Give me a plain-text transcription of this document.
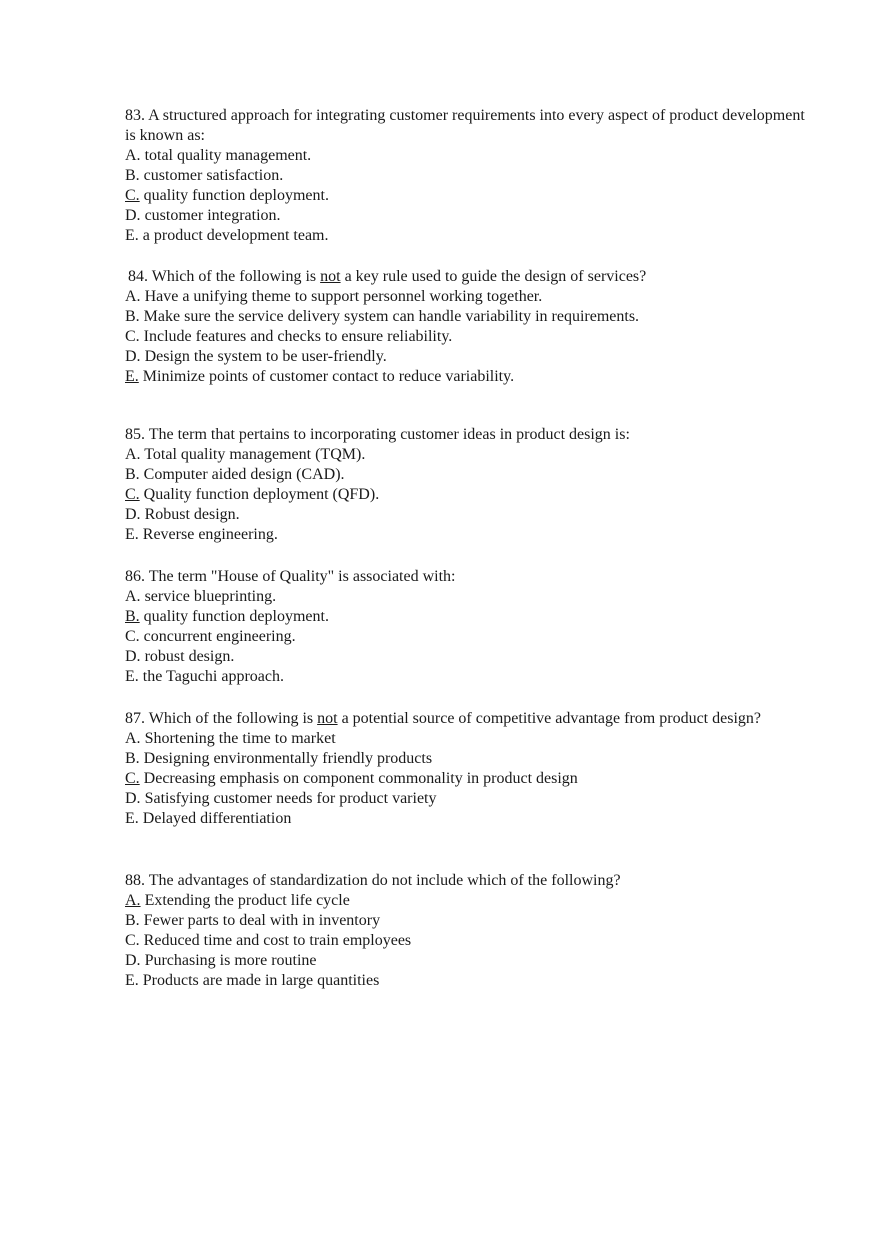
83. A structured approach for integrating customer requirements into every aspect of product development is known as:
A. total quality management.
B. customer satisfaction.
C. quality function deployment.
D. customer integration.
E. a product development team.
84. Which of the following is not a key rule used to guide the design of services?
A. Have a unifying theme to support personnel working together.
B. Make sure the service delivery system can handle variability in requirements.
C. Include features and checks to ensure reliability.
D. Design the system to be user-friendly.
E. Minimize points of customer contact to reduce variability.
85. The term that pertains to incorporating customer ideas in product design is:
A. Total quality management (TQM).
B. Computer aided design (CAD).
C. Quality function deployment (QFD).
D. Robust design.
E. Reverse engineering.
86. The term "House of Quality" is associated with:
A. service blueprinting.
B. quality function deployment.
C. concurrent engineering.
D. robust design.
E. the Taguchi approach.
87. Which of the following is not a potential source of competitive advantage from product design?
A. Shortening the time to market
B. Designing environmentally friendly products
C. Decreasing emphasis on component commonality in product design
D. Satisfying customer needs for product variety
E. Delayed differentiation
88. The advantages of standardization do not include which of the following?
A. Extending the product life cycle
B. Fewer parts to deal with in inventory
C. Reduced time and cost to train employees
D. Purchasing is more routine
E. Products are made in large quantities
